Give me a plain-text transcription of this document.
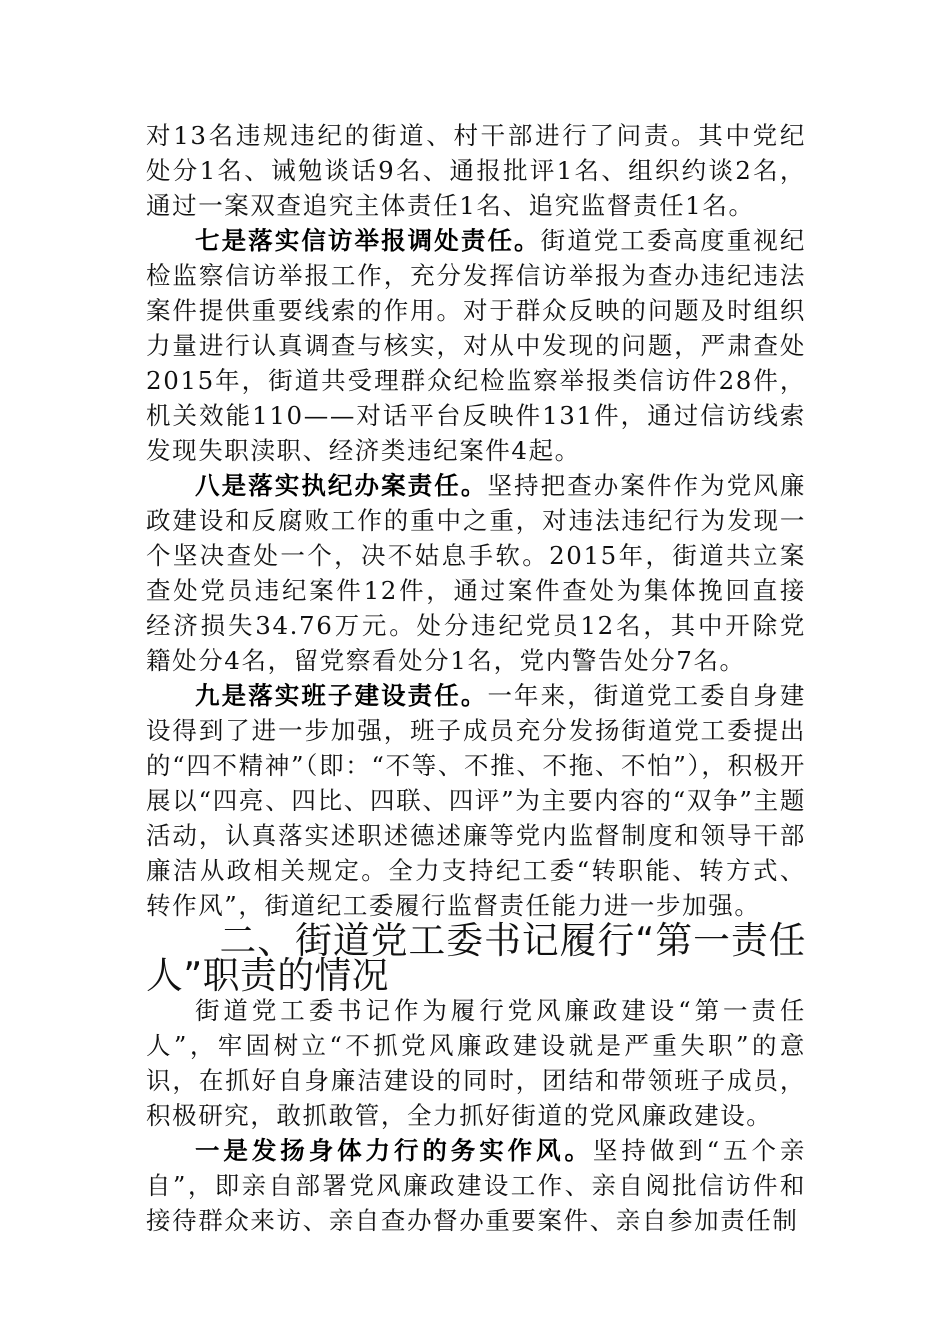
对13名违规违纪的街道、村干部进行了问责。其中党纪处分1名、诫勉谈话9名、通报批评1名、组织约谈2名，通过一案双查追究主体责任1名、追究监督责任1名。

七是落实信访举报调处责任。街道党工委高度重视纪检监察信访举报工作，充分发挥信访举报为查办违纪违法案件提供重要线索的作用。对于群众反映的问题及时组织力量进行认真调查与核实，对从中发现的问题，严肃查处2015年，街道共受理群众纪检监察举报类信访件28件，机关效能110——对话平台反映件131件，通过信访线索发现失职渎职、经济类违纪案件4起。

八是落实执纪办案责任。坚持把查办案件作为党风廉政建设和反腐败工作的重中之重，对违法违纪行为发现一个坚决查处一个，决不姑息手软。2015年，街道共立案查处党员违纪案件12件，通过案件查处为集体挽回直接经济损失34.76万元。处分违纪党员12名，其中开除党籍处分4名，留党察看处分1名，党内警告处分7名。

九是落实班子建设责任。一年来，街道党工委自身建设得到了进一步加强，班子成员充分发扬街道党工委提出的“四不精神”（即：“不等、不推、不拖、不怕”），积极开展以“四亮、四比、四联、四评”为主要内容的“双争”主题活动，认真落实述职述德述廉等党内监督制度和领导干部廉洁从政相关规定。全力支持纪工委“转职能、转方式、转作风”，街道纪工委履行监督责任能力进一步加强。

二、街道党工委书记履行“第一责任人”职责的情况

街道党工委书记作为履行党风廉政建设“第一责任人”，牢固树立“不抓党风廉政建设就是严重失职”的意识，在抓好自身廉洁建设的同时，团结和带领班子成员，积极研究，敢抓敢管，全力抓好街道的党风廉政建设。

一是发扬身体力行的务实作风。坚持做到“五个亲自”，即亲自部署党风廉政建设工作、亲自阅批信访件和接待群众来访、亲自查办督办重要案件、亲自参加责任制
